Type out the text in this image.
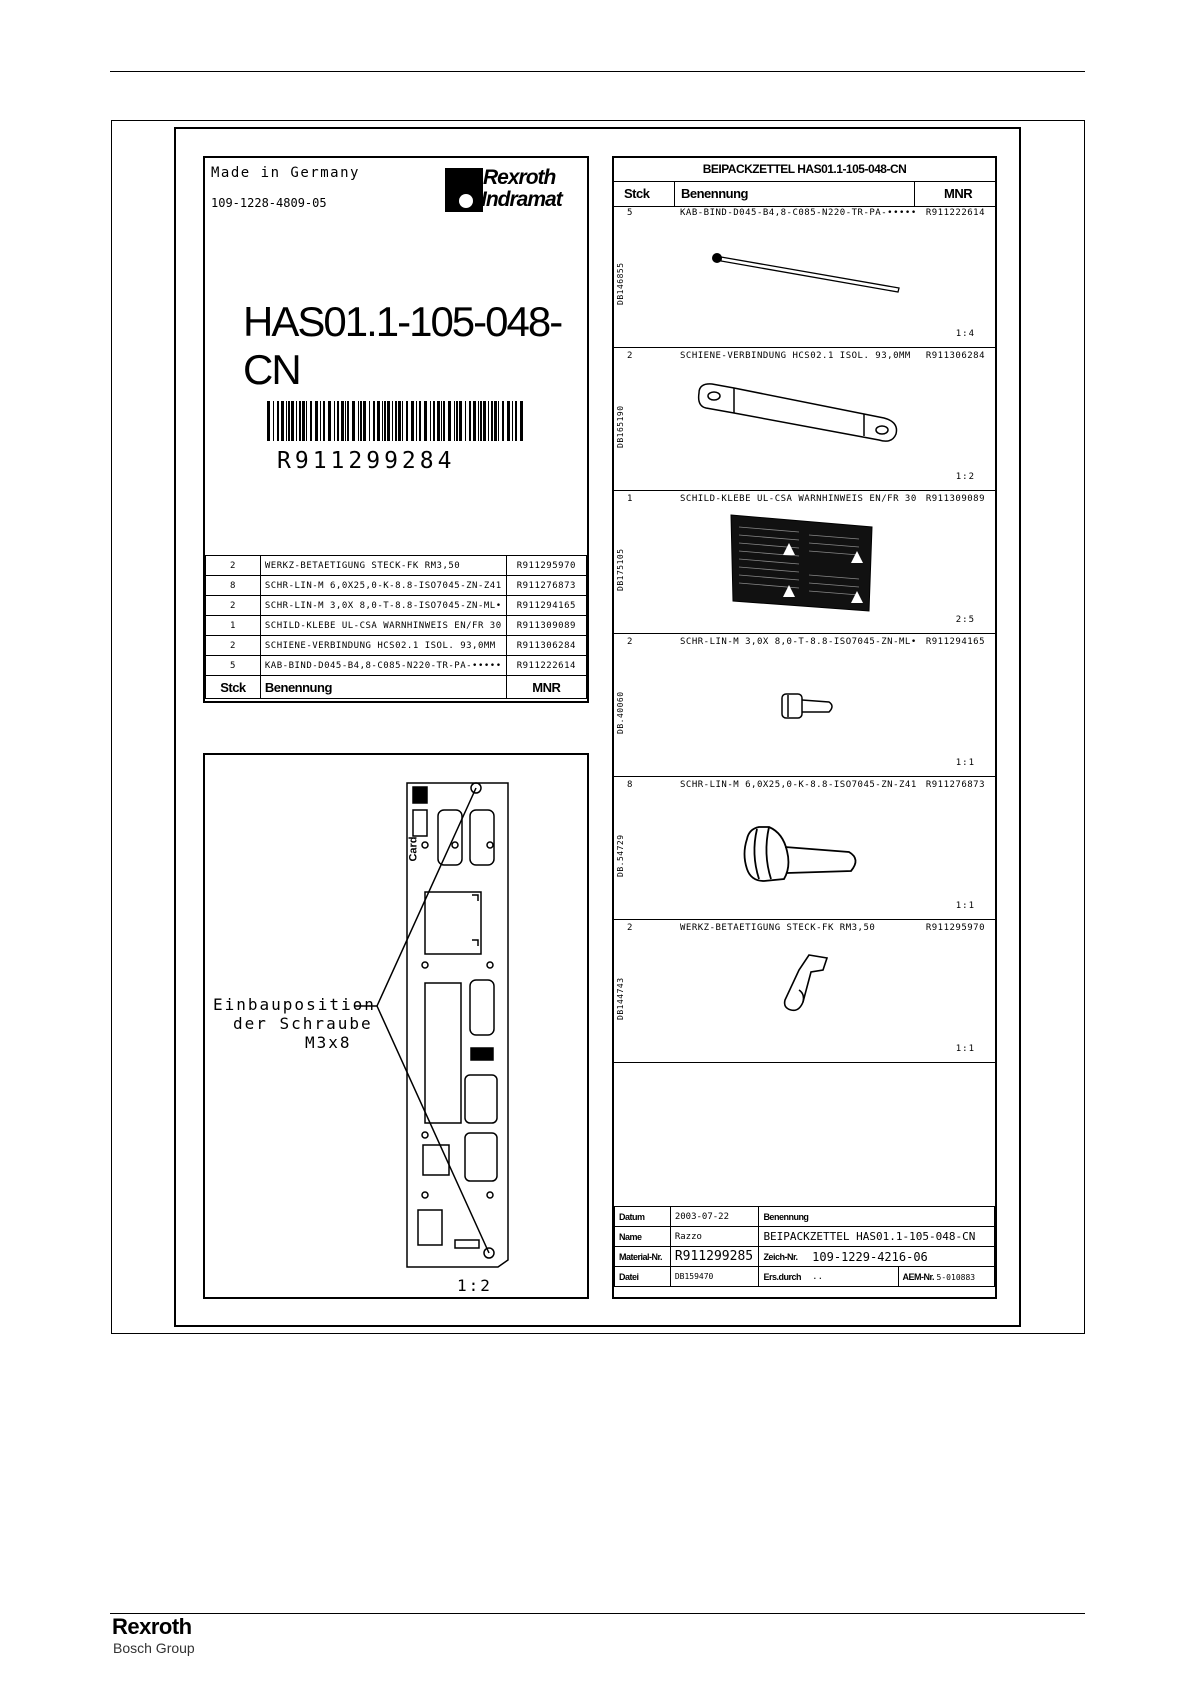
Made in Germany
109-1228-4809-05
Rexroth
Indramat
HAS01.1-105-048-CN
R911299284
2	WERKZ-BETAETIGUNG STECK-FK RM3,50	R911295970
8	SCHR-LIN-M 6,0X25,0-K-8.8-ISO7045-ZN-Z41	R911276873
2	SCHR-LIN-M 3,0X 8,0-T-8.8-ISO7045-ZN-ML•	R911294165
1	SCHILD-KLEBE UL-CSA WARNHINWEIS EN/FR 30	R911309089
2	SCHIENE-VERBINDUNG HCS02.1 ISOL. 93,0MM	R911306284
5	KAB-BIND-D045-B4,8-C085-N220-TR-PA-•••••	R911222614
Stck	Benennung	MNR
Card
Einbauposition
der Schraube
M3x8
1:2
BEIPACKZETTEL HAS01.1-105-048-CN
Stck Benennung	MNR
5	KAB-BIND-D045-B4,8-C085-N220-TR-PA-••••• R911222614
DB146855
1:4
2	SCHIENE-VERBINDUNG HCS02.1 ISOL. 93,0MM R911306284
DB165190
1:2
1	SCHILD-KLEBE UL-CSA WARNHINWEIS EN/FR 30 R911309089
DB175105
2:5
2	SCHR-LIN-M 3,0X 8,0-T-8.8-ISO7045-ZN-ML• R911294165
DB.40060
1:1
8	SCHR-LIN-M 6,0X25,0-K-8.8-ISO7045-ZN-Z41 R911276873
DB.54729
1:1
2	WERKZ-BETAETIGUNG STECK-FK RM3,50	R911295970
DB144743
1:1
Datum	2003-07-22	Benennung		
Name	Razzo	BEIPACKZETTEL HAS01.1-105-048-CN		
Material-Nr.	R911299285	Zeich-Nr.	109-1229-4216-06	
Datei	DB159470	Ers.durch	..	AEM-Nr. 5-010883
Rexroth
Bosch Group
